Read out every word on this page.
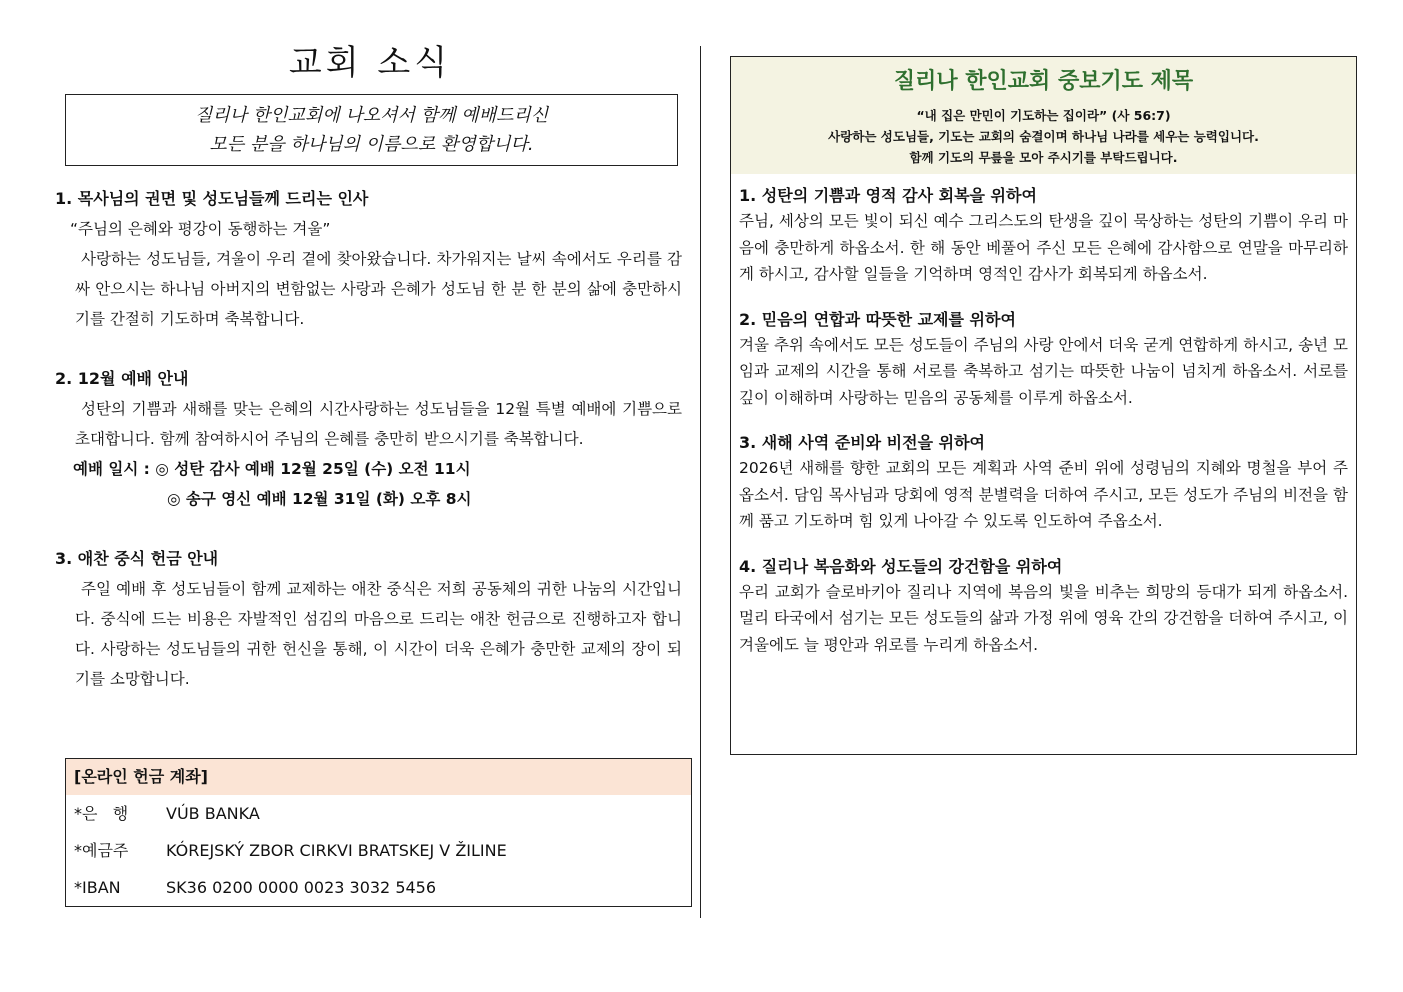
교회 소식
질리나 한인교회에 나오셔서 함께 예배드리신
모든 분을 하나님의 이름으로 환영합니다.

1. 목사님의 권면 및 성도님들께 드리는 인사

“주님의 은혜와 평강이 동행하는 겨울”

사랑하는 성도님들, 겨울이 우리 곁에 찾아왔습니다. 차가워지는 날씨 속에서도 우리를 감싸 안으시는 하나님 아버지의 변함없는 사랑과 은혜가 성도님 한 분 한 분의 삶에 충만하시기를 간절히 기도하며 축복합니다.

2. 12월 예배 안내

성탄의 기쁨과 새해를 맞는 은혜의 시간사랑하는 성도님들을 12월 특별 예배에 기쁨으로 초대합니다. 함께 참여하시어 주님의 은혜를 충만히 받으시기를 축복합니다.

예배 일시 : ◎ 성탄 감사 예배 12월 25일 (수) 오전 11시
◎ 송구 영신 예배 12월 31일 (화) 오후 8시

3. 애찬 중식 헌금 안내

주일 예배 후 성도님들이 함께 교제하는 애찬 중식은 저희 공동체의 귀한 나눔의 시간입니다. 중식에 드는 비용은 자발적인 섬김의 마음으로 드리는 애찬 헌금으로 진행하고자 합니다. 사랑하는 성도님들의 귀한 헌신을 통해, 이 시간이 더욱 은혜가 충만한 교제의 장이 되기를 소망합니다.

[온라인 헌금 계좌]
*은   행 VÚB BANKA
*예금주 KÓREJSKÝ ZBOR CIRKVI BRATSKEJ V ŽILINE
*IBAN	SK36 0200 0000 0023 3032 5456
질리나 한인교회 중보기도 제목
“내 집은 만민이 기도하는 집이라” (사 56:7)
사랑하는 성도님들, 기도는 교회의 숨결이며 하나님 나라를 세우는 능력입니다.
함께 기도의 무릎을 모아 주시기를 부탁드립니다.

1. 성탄의 기쁨과 영적 감사 회복을 위하여

주님, 세상의 모든 빛이 되신 예수 그리스도의 탄생을 깊이 묵상하는 성탄의 기쁨이 우리 마음에 충만하게 하옵소서. 한 해 동안 베풀어 주신 모든 은혜에 감사함으로 연말을 마무리하게 하시고, 감사할 일들을 기억하며 영적인 감사가 회복되게 하옵소서.

2. 믿음의 연합과 따뜻한 교제를 위하여

겨울 추위 속에서도 모든 성도들이 주님의 사랑 안에서 더욱 굳게 연합하게 하시고, 송년 모임과 교제의 시간을 통해 서로를 축복하고 섬기는 따뜻한 나눔이 넘치게 하옵소서. 서로를 깊이 이해하며 사랑하는 믿음의 공동체를 이루게 하옵소서.

3. 새해 사역 준비와 비전을 위하여

2026년 새해를 향한 교회의 모든 계획과 사역 준비 위에 성령님의 지혜와 명철을 부어 주옵소서. 담임 목사님과 당회에 영적 분별력을 더하여 주시고, 모든 성도가 주님의 비전을 함께 품고 기도하며 힘 있게 나아갈 수 있도록 인도하여 주옵소서.

4. 질리나 복음화와 성도들의 강건함을 위하여

우리 교회가 슬로바키아 질리나 지역에 복음의 빛을 비추는 희망의 등대가 되게 하옵소서. 멀리 타국에서 섬기는 모든 성도들의 삶과 가정 위에 영육 간의 강건함을 더하여 주시고, 이 겨울에도 늘 평안과 위로를 누리게 하옵소서.
